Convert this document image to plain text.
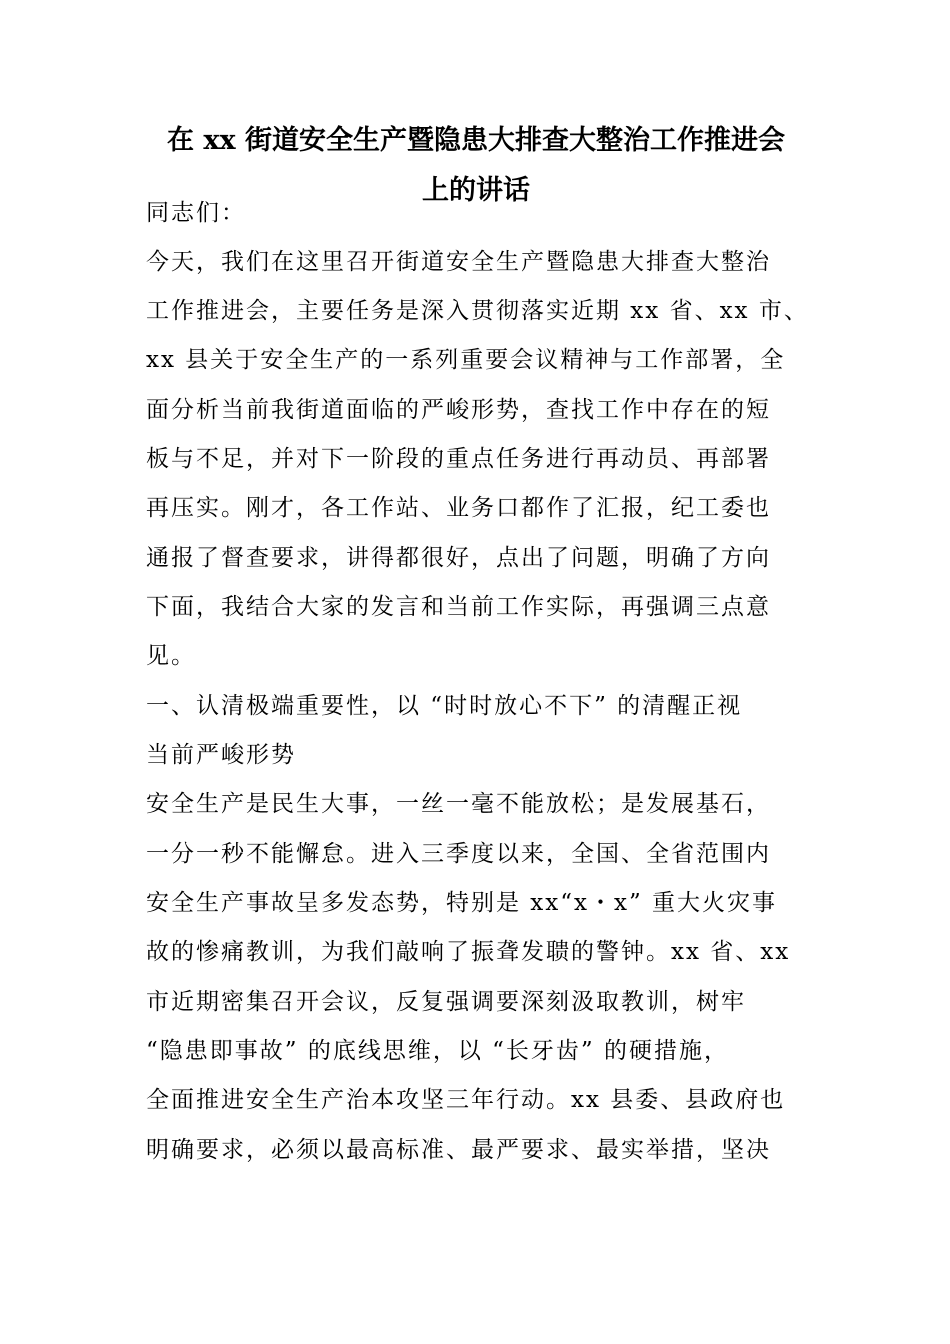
在 xx 街道安全生产暨隐患大排查大整治工作推进会
上的讲话
同志们：
今天，我们在这里召开街道安全生产暨隐患大排查大整治
工作推进会，主要任务是深入贯彻落实近期 xx 省、xx 市、
xx 县关于安全生产的一系列重要会议精神与工作部署，全
面分析当前我街道面临的严峻形势，查找工作中存在的短
板与不足，并对下一阶段的重点任务进行再动员、再部署
再压实。刚才，各工作站、业务口都作了汇报，纪工委也
通报了督查要求，讲得都很好，点出了问题，明确了方向
下面，我结合大家的发言和当前工作实际，再强调三点意
见。
一、认清极端重要性，以 “时时放心不下” 的清醒正视
当前严峻形势
安全生产是民生大事，一丝一毫不能放松；是发展基石，
一分一秒不能懈怠。进入三季度以来，全国、全省范围内
安全生产事故呈多发态势，特别是 xx“x・x” 重大火灾事
故的惨痛教训，为我们敲响了振聋发聩的警钟。xx 省、xx
市近期密集召开会议，反复强调要深刻汲取教训，树牢
“隐患即事故” 的底线思维，以 “长牙齿” 的硬措施，
全面推进安全生产治本攻坚三年行动。xx 县委、县政府也
明确要求，必须以最高标准、最严要求、最实举措，坚决
